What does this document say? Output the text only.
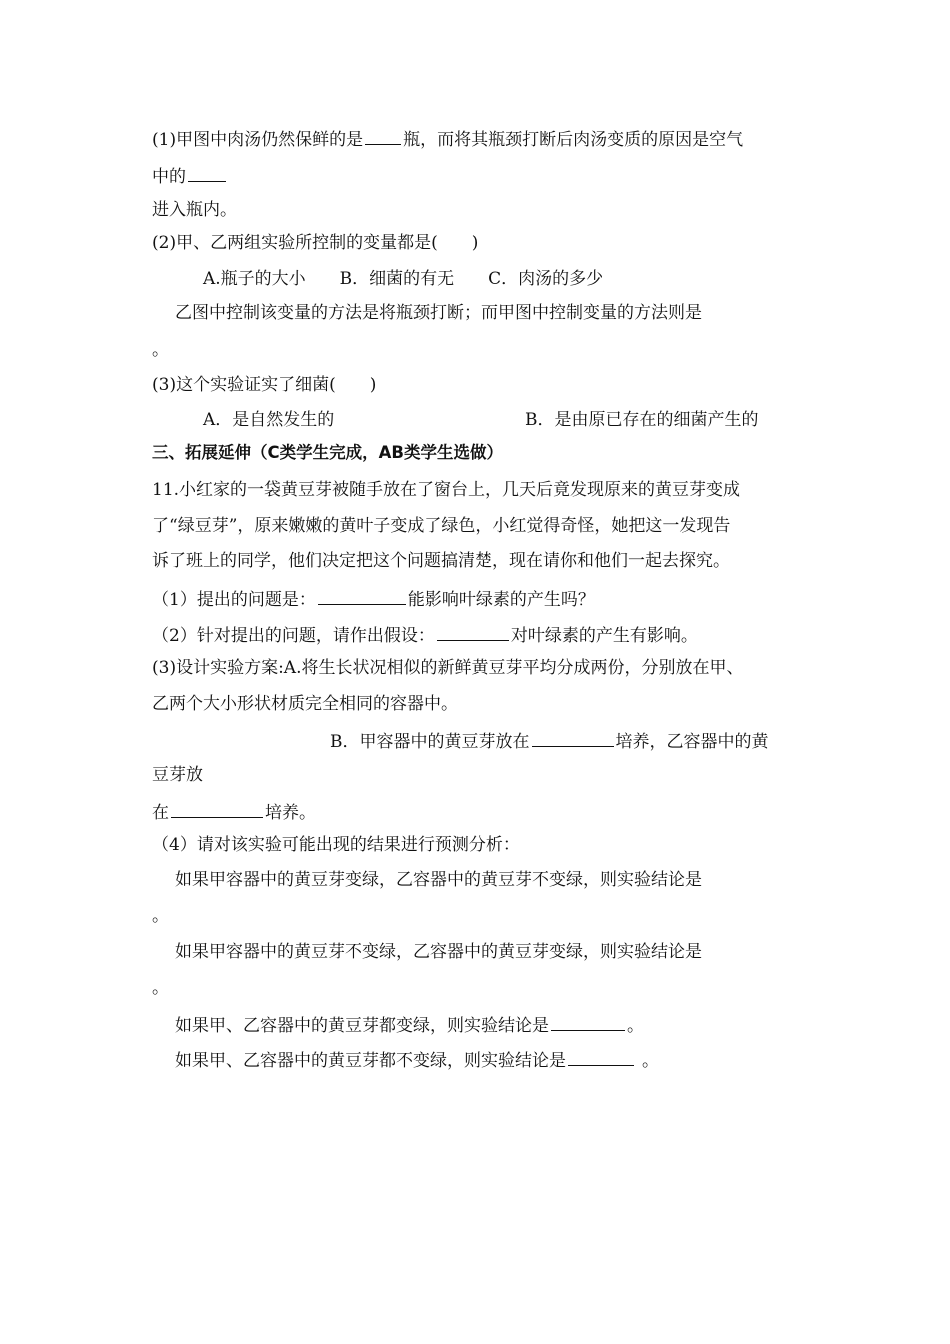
(1)甲图中肉汤仍然保鲜的是 瓶，而将其瓶颈打断后肉汤变质的原因是空气
中的
进入瓶内。
(2)甲、乙两组实验所控制的变量都是(　　)
A.瓶子的大小　　B．细菌的有无　　C．肉汤的多少
乙图中控制该变量的方法是将瓶颈打断；而甲图中控制变量的方法则是
。
(3)这个实验证实了细菌(　　)
A．是自然发生的	B．是由原已存在的细菌产生的
三、拓展延伸（C类学生完成，AB类学生选做）
11.小红家的一袋黄豆芽被随手放在了窗台上，几天后竟发现原来的黄豆芽变成
了“绿豆芽”，原来嫩嫩的黄叶子变成了绿色，小红觉得奇怪，她把这一发现告
诉了班上的同学，他们决定把这个问题搞清楚，现在请你和他们一起去探究。
（1）提出的问题是：	能影响叶绿素的产生吗？
（2）针对提出的问题，请作出假设：	对叶绿素的产生有影响。
(3)设计实验方案:A.将生长状况相似的新鲜黄豆芽平均分成两份，分别放在甲、
乙两个大小形状材质完全相同的容器中。
B．甲容器中的黄豆芽放在	培养，乙容器中的黄
豆芽放
在	培养。
（4）请对该实验可能出现的结果进行预测分析：
如果甲容器中的黄豆芽变绿，乙容器中的黄豆芽不变绿，则实验结论是
。
如果甲容器中的黄豆芽不变绿，乙容器中的黄豆芽变绿，则实验结论是
。
如果甲、乙容器中的黄豆芽都变绿，则实验结论是	。
如果甲、乙容器中的黄豆芽都不变绿，则实验结论是	。
